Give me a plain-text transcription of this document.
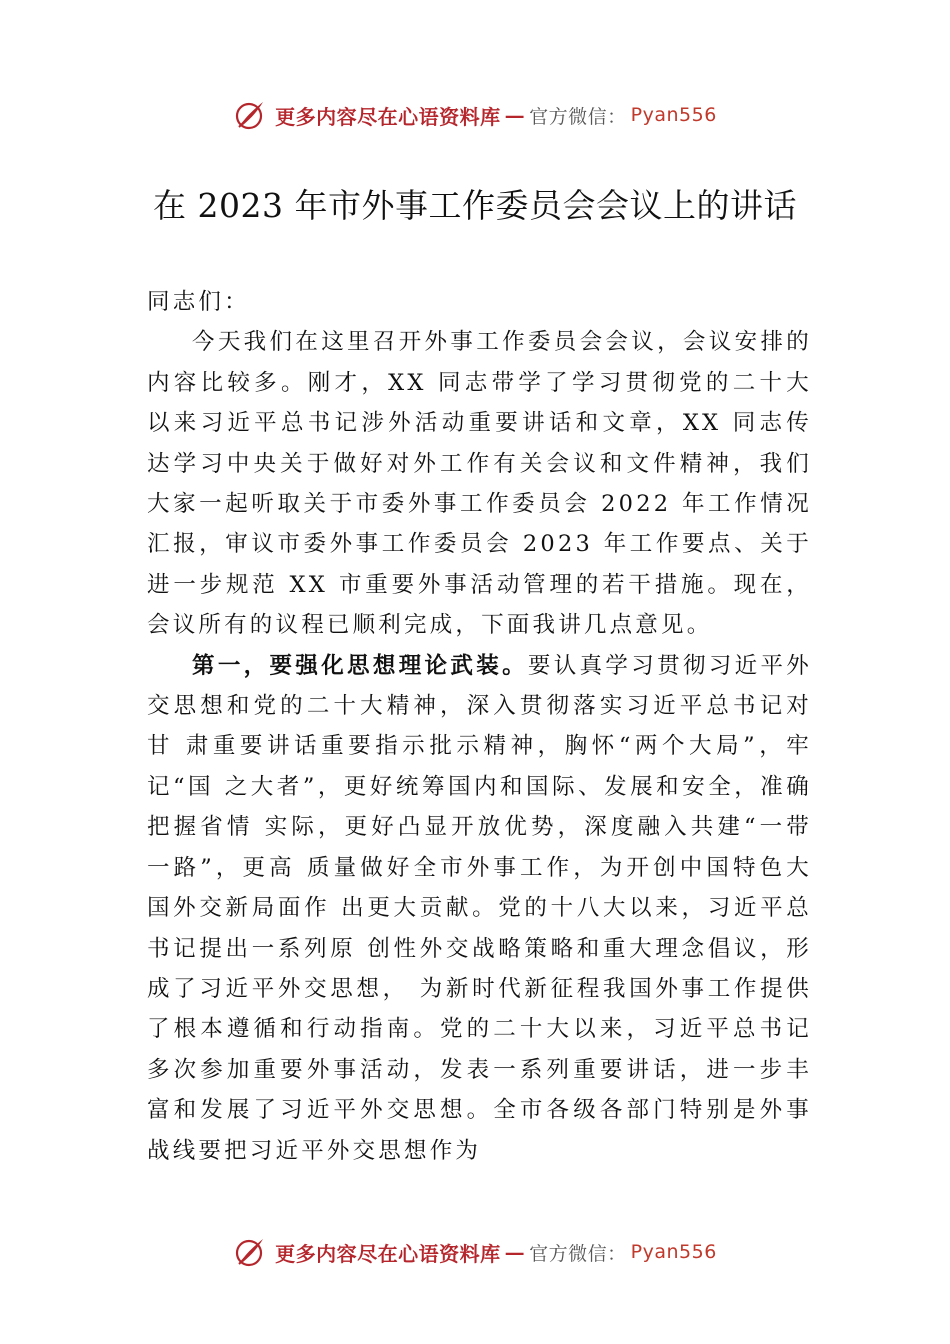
更多内容尽在心语资料库 — 官方微信： Pyan556
在 2023 年市外事工作委员会会议上的讲话

同志们：

今天我们在这里召开外事工作委员会会议，会议安排的内容比较多。刚才，XX 同志带学了学习贯彻党的二十大以来习近平总书记涉外活动重要讲话和文章，XX 同志传达学习中央关于做好对外工作有关会议和文件精神，我们大家一起听取关于市委外事工作委员会 2022 年工作情况汇报，审议市委外事工作委员会 2023 年工作要点、关于进一步规范 XX 市重要外事活动管理的若干措施。现在，会议所有的议程已顺利完成，下面我讲几点意见。

第一，要强化思想理论武装。要认真学习贯彻习近平外交思想和党的二十大精神，深入贯彻落实习近平总书记对甘 肃重要讲话重要指示批示精神，胸怀“两个大局”，牢记“国 之大者”，更好统筹国内和国际、发展和安全，准确把握省情 实际，更好凸显开放优势，深度融入共建“一带一路”，更高 质量做好全市外事工作，为开创中国特色大国外交新局面作 出更大贡献。党的十八大以来，习近平总书记提出一系列原 创性外交战略策略和重大理念倡议，形成了习近平外交思想， 为新时代新征程我国外事工作提供了根本遵循和行动指南。党的二十大以来，习近平总书记多次参加重要外事活动，发表一系列重要讲话，进一步丰富和发展了习近平外交思想。全市各级各部门特别是外事战线要把习近平外交思想作为

更多内容尽在心语资料库 — 官方微信： Pyan556
